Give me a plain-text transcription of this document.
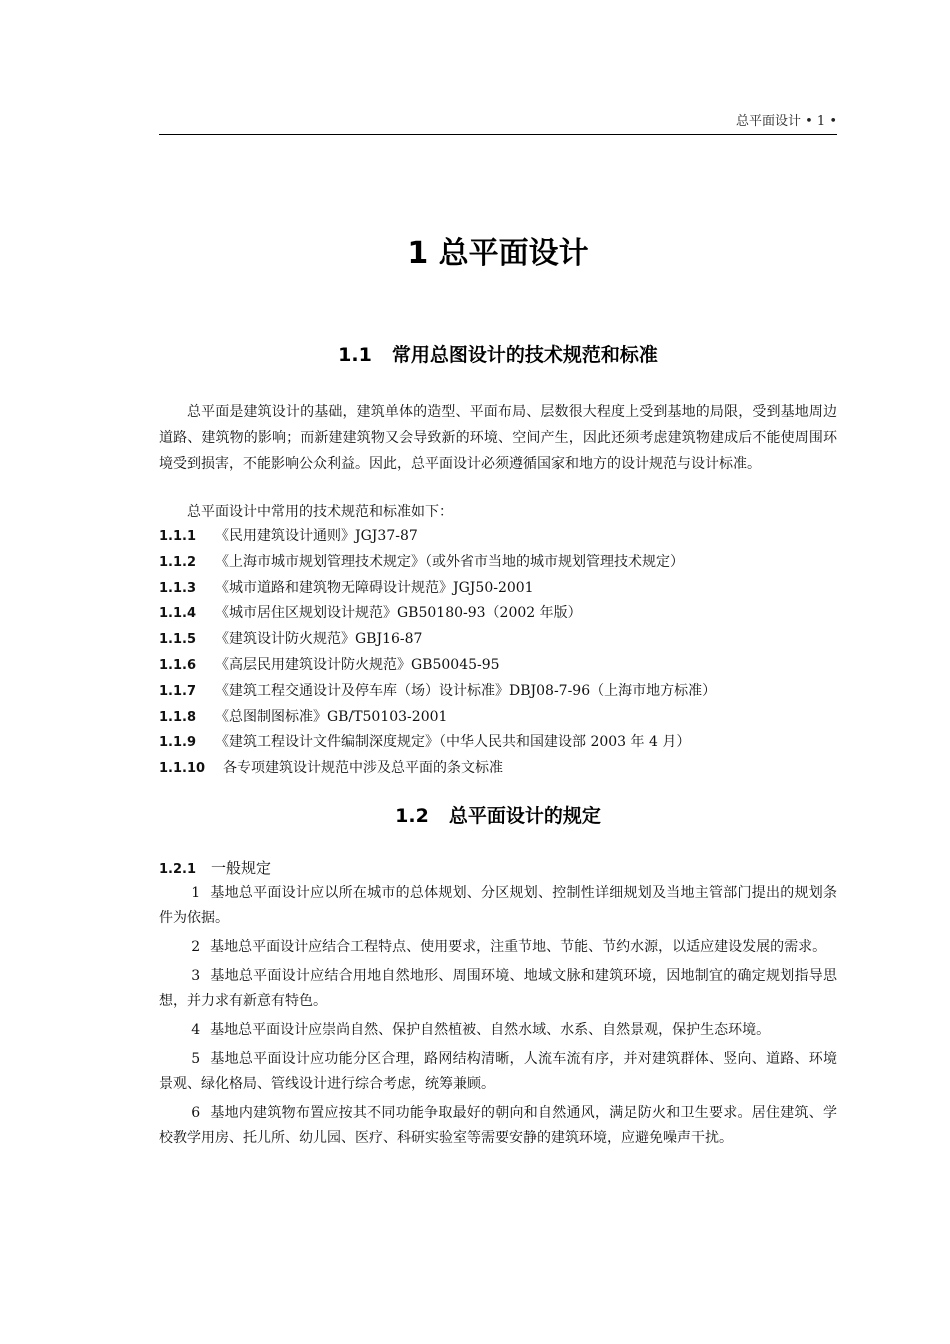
总平面设计 • 1 •
1 总平面设计
1.1 常用总图设计的技术规范和标准

总平面是建筑设计的基础，建筑单体的造型、平面布局、层数很大程度上受到基地的局限，受到基地周边道路、建筑物的影响；而新建建筑物又会导致新的环境、空间产生，因此还须考虑建筑物建成后不能使周围环境受到损害，不能影响公众利益。因此，总平面设计必须遵循国家和地方的设计规范与设计标准。

总平面设计中常用的技术规范和标准如下：

1.1.1 《民用建筑设计通则》JGJ37-87
1.1.2 《上海市城市规划管理技术规定》（或外省市当地的城市规划管理技术规定）
1.1.3 《城市道路和建筑物无障碍设计规范》JGJ50-2001
1.1.4 《城市居住区规划设计规范》GB50180-93（2002 年版）
1.1.5 《建筑设计防火规范》GBJ16-87
1.1.6 《高层民用建筑设计防火规范》GB50045-95
1.1.7 《建筑工程交通设计及停车库（场）设计标准》DBJ08-7-96（上海市地方标准）
1.1.8 《总图制图标准》GB/T50103-2001
1.1.9 《建筑工程设计文件编制深度规定》（中华人民共和国建设部 2003 年 4 月）
1.1.10 各专项建筑设计规范中涉及总平面的条文标准
1.2 总平面设计的规定

1.2.1 一般规定

1 基地总平面设计应以所在城市的总体规划、分区规划、控制性详细规划及当地主管部门提出的规划条件为依据。

2 基地总平面设计应结合工程特点、使用要求，注重节地、节能、节约水源，以适应建设发展的需求。

3 基地总平面设计应结合用地自然地形、周围环境、地域文脉和建筑环境，因地制宜的确定规划指导思想，并力求有新意有特色。

4 基地总平面设计应崇尚自然、保护自然植被、自然水域、水系、自然景观，保护生态环境。

5 基地总平面设计应功能分区合理，路网结构清晰，人流车流有序，并对建筑群体、竖向、道路、环境景观、绿化格局、管线设计进行综合考虑，统筹兼顾。

6 基地内建筑物布置应按其不同功能争取最好的朝向和自然通风，满足防火和卫生要求。居住建筑、学校教学用房、托儿所、幼儿园、医疗、科研实验室等需要安静的建筑环境，应避免噪声干扰。
